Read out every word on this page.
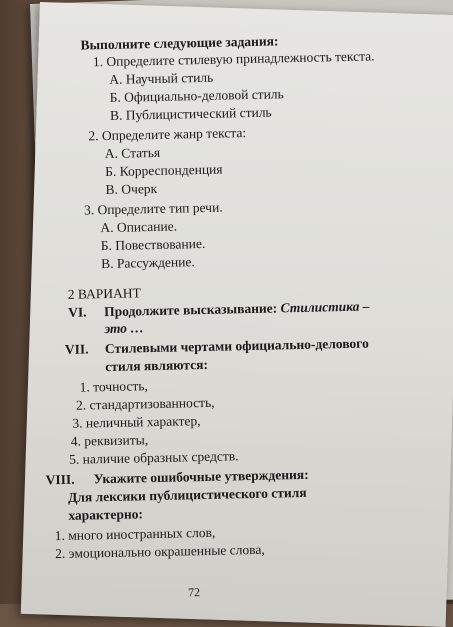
Выполните следующие задания:
1. Определите стилевую принадлежность текста.
А. Научный стиль
Б. Официально-деловой стиль
В. Публицистический стиль
2. Определите жанр текста:
А. Статья
Б. Корреспонденция
В. Очерк
3. Определите тип речи.
А. Описание.
Б. Повествование.
В. Рассуждение.
2 ВАРИАНТ
VI. Продолжите высказывание: Стилистика –
это …
VII. Стилевыми чертами официально-делового
стиля являются:
1. точность,
2. стандартизованность,
3. неличный характер,
4. реквизиты,
5. наличие образных средств.
VIII. Укажите ошибочные утверждения:
Для лексики публицистического стиля
характерно:
1. много иностранных слов,
2. эмоционально окрашенные слова,
72
